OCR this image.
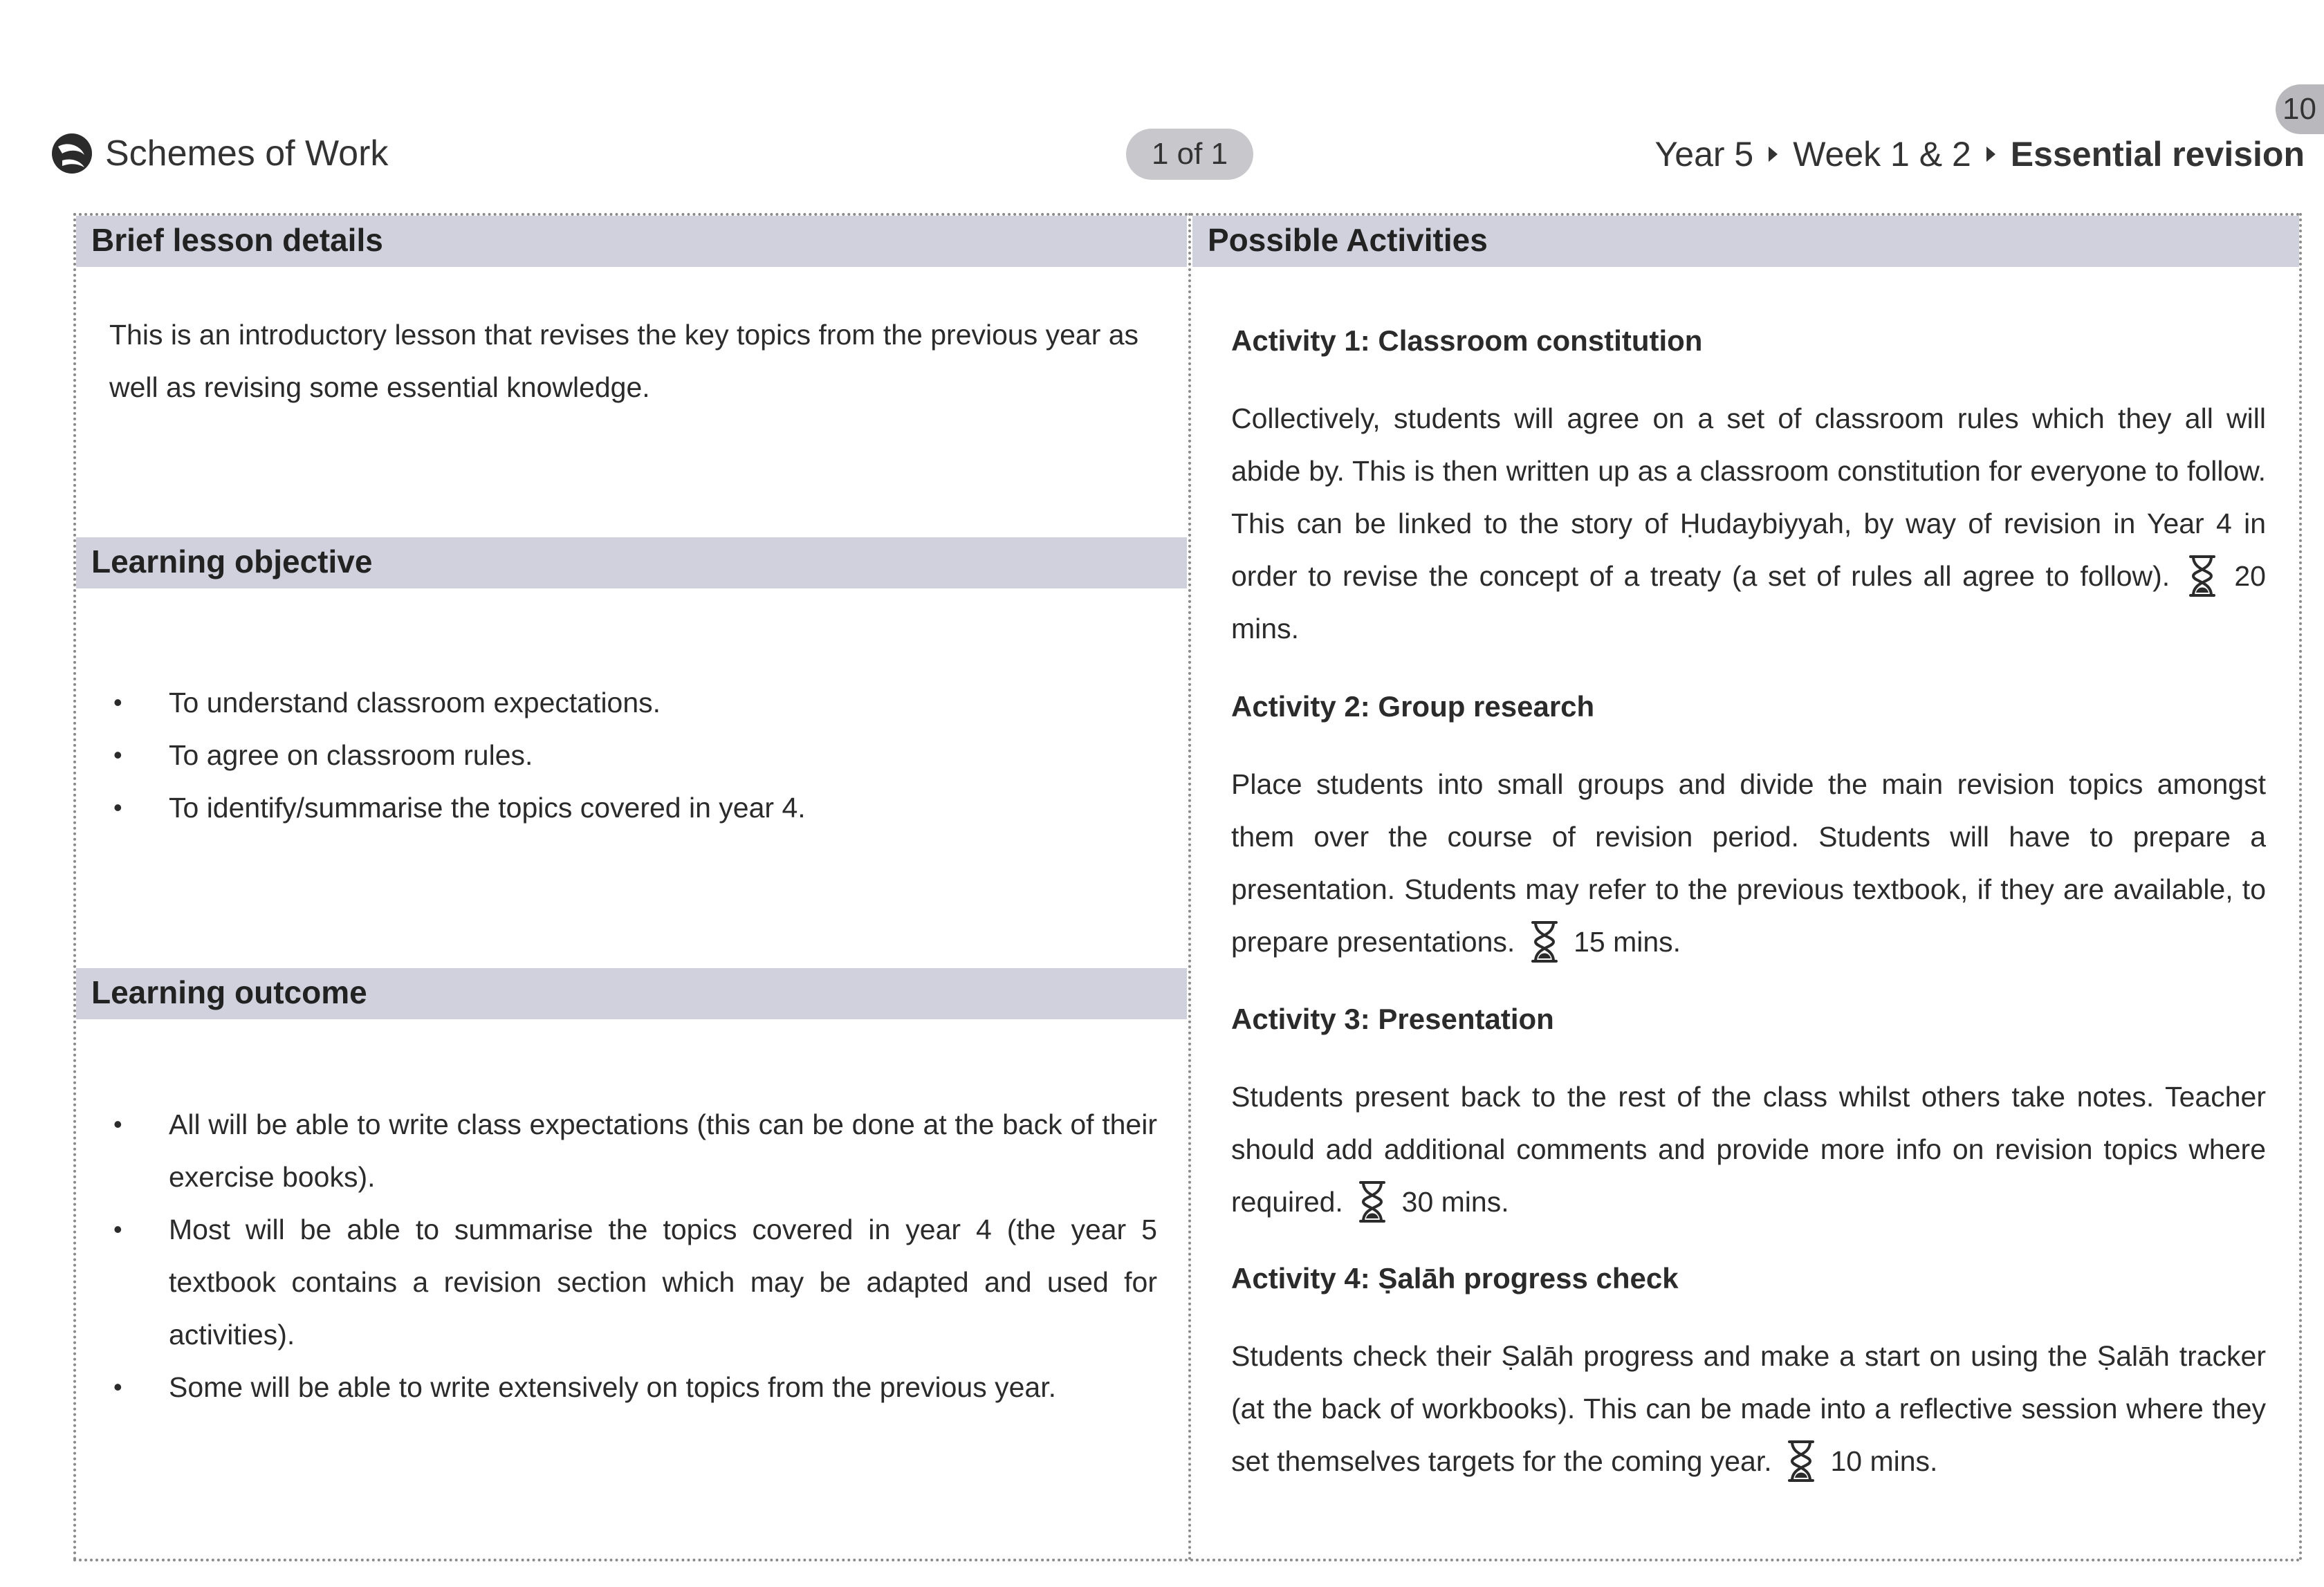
10
Schemes of Work	1 of 1	Year 5 Week 1 & 2 Essential revision
Brief lesson details
This is an introductory lesson that revises the key topics from the previous year as well as revising some essential knowledge.
Learning objective
• To understand classroom expectations.
• To agree on classroom rules.
• To identify/summarise the topics covered in year 4.
Learning outcome
• All will be able to write class expectations (this can be done at the back of their exercise books).
• Most will be able to summarise the topics covered in year 4 (the year 5 textbook contains a revision section which may be adapted and used for activities).
• Some will be able to write extensively on topics from the previous year.
Possible Activities
Activity 1: Classroom constitution
Collectively, students will agree on a set of classroom rules which they all will abide by. This is then written up as a classroom constitution for everyone to follow. This can be linked to the story of Ḥudaybiyyah, by way of revision in Year 4 in order to revise the concept of a treaty (a set of rules all agree to follow). 20 mins.
Activity 2: Group research
Place students into small groups and divide the main revision topics amongst them over the course of revision period. Students will have to prepare a presentation. Students may refer to the previous textbook, if they are available, to prepare presentations. 15 mins.
Activity 3: Presentation
Students present back to the rest of the class whilst others take notes. Teacher should add additional comments and provide more info on revision topics where required. 30 mins.
Activity 4: Ṣalāh progress check
Students check their Ṣalāh progress and make a start on using the Ṣalāh tracker (at the back of workbooks). This can be made into a reflective session where they set themselves targets for the coming year. 10 mins.
